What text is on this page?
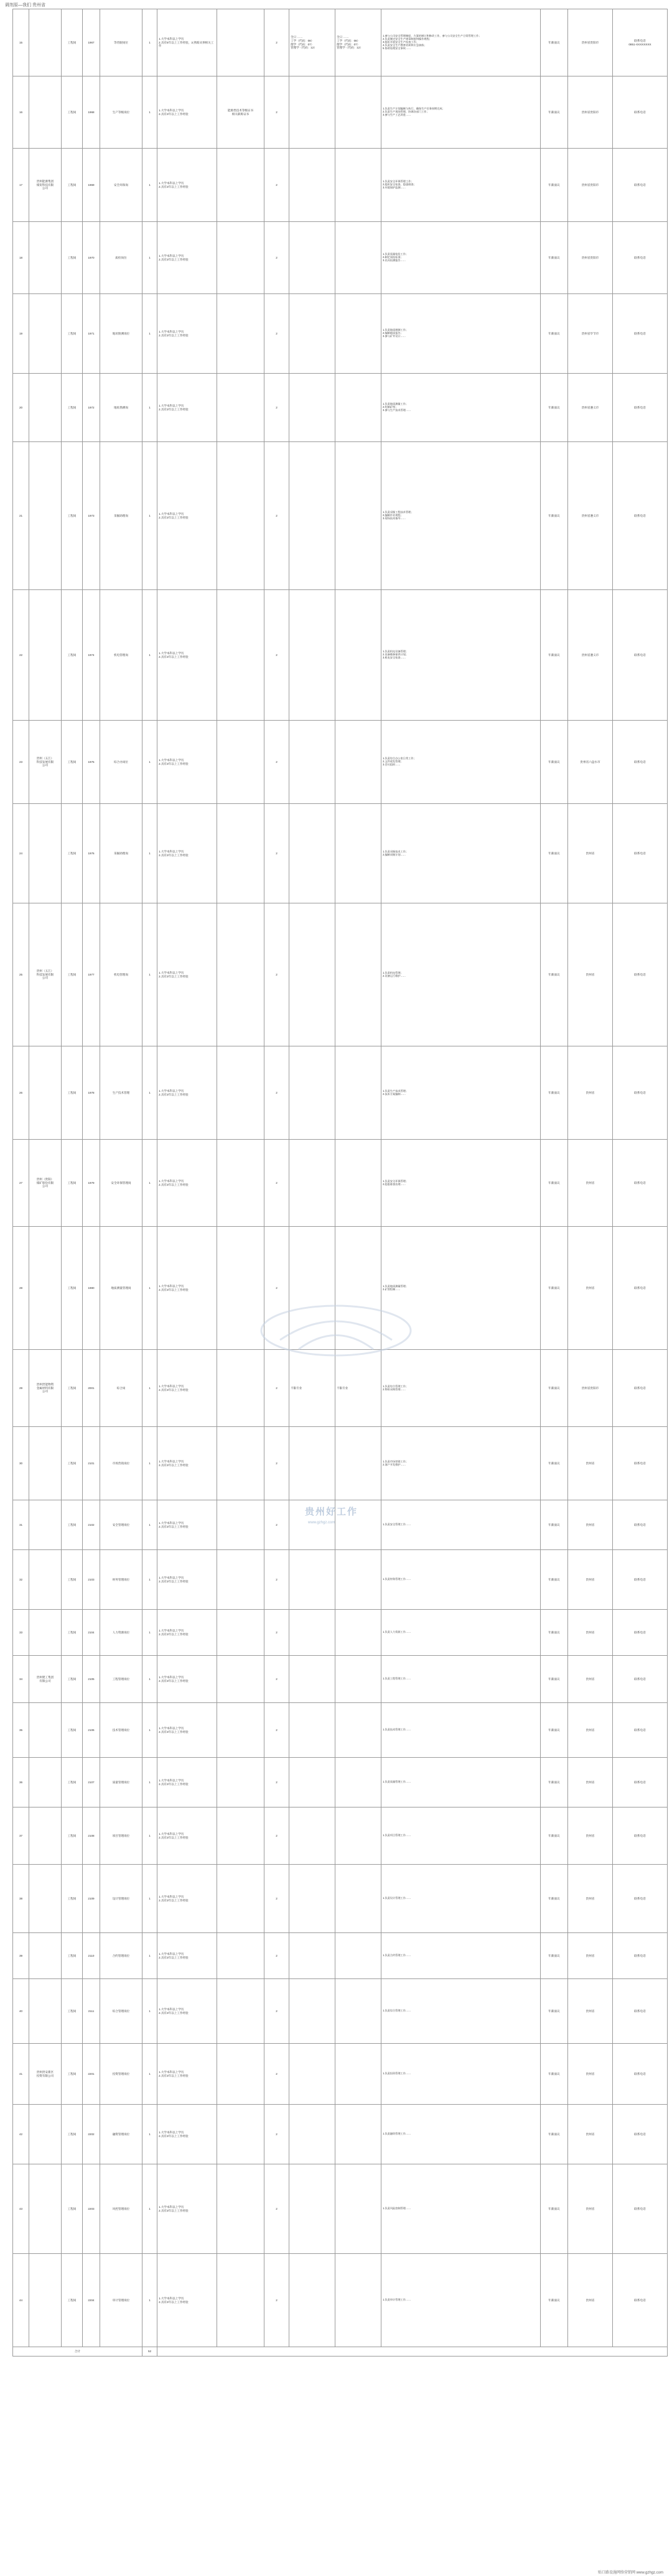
调剂原—我们 贵州省
15		工程岗	1967	等待跟岗位	1	1.大学本科以上学历
2.具有5年以上工作经验，3.熟练从事相关工作		2	全日 ……
工学（代码：08）
理学（代码：07）
管理学（代码：12）	全日 ……
工学（代码：08）
理学（代码：07）
管理学（代码：12）	1.参与公司安全管理制度、方案的制订和修改工作，参与公司安全生产日常管理工作；
2.负责制定安全生产规章制度和操作规程；
3.组织开展安全生产检查工作；
4.负责安全生产教育培训和应急演练；
5.协助处理安全事故……	年薪面议	贵州省贵阳市	联系电话
0851-XXXXXXXX
16		工程岗	1968	生产等级岗位	1	1.大学本科以上学历
2.具有3年以上工作经验	能源类技术等级证书
相关职称证书	2			1.负责生产计划编制与执行，确保生产任务按期完成；
2.负责生产现场管理，协调各部门工作；
3.参与生产工艺改进……	年薪面议	贵州省贵阳市	联系电话
17	贵州能源集团
煤炭科技有限
公司	工程岗	1969	安全环保岗	1	1.大学本科以上学历
2.具有3年以上工作经验		2			1.负责安全环保管理工作；
2.组织安全检查、隐患排查；
3.环境保护监测……	年薪面议	贵州省贵阳市	联系电话
18		工程岗	1970	质检岗位	1	1.大学本科以上学历
2.具有3年以上工作经验		2			1.负责质量检验工作；
2.制定质检标准；
3.出具检测报告……	年薪面议	贵州省贵阳市	联系电话
19		工程岗	1971	地址勘测岗位	1	1.大学本科以上学历
2.具有3年以上工作经验		2			1.负责地质勘测工作；
2.编制地质报告；
3.参与矿井设计……	年薪面议	贵州省毕节市	联系电话
20		工程岗	1972	地址勘测岗	1	1.大学本科以上学历
2.具有3年以上工作经验		2			1.负责地质测量工作；
2.绘制矿图；
3.参与生产技术管理……	年薪面议	贵州省遵义市	联系电话
21		工程岗	1973	采掘助理岗	1	1.大学本科以上学历
2.具有3年以上工作经验		2			1.负责采掘工程技术管理；
2.编制作业规程；
3.现场技术指导……	年薪面议	贵州省遵义市	联系电话
22		工程岗	1974	机电管理岗	1	1.大学本科以上学历
2.具有3年以上工作经验		2			1.负责机电设备管理；
2.设备维修保养计划；
3.机电安全检查……	年薪面议	贵州省遵义市	联系电话
23	贵州（五江）
科技发展有限
公司	工程岗	1975	综合办岗位	1	1.大学本科以上学历
2.具有3年以上工作经验		2			1.负责综合办公室日常工作；
2.文件收发管理；
3.会议组织……	年薪面议	贵州省六盘水市	联系电话
24		工程岗	1976	采掘助理岗	1	1.大学本科以上学历
2.具有3年以上工作经验		2			1.负责采掘技术工作；
2.编制采掘计划……	年薪面议	贵州省	联系电话
25	贵州（五江）
科技发展有限
公司	工程岗	1977	机电管理岗	1	1.大学本科以上学历
2.具有3年以上工作经验		2			1.负责机电管理；
2.设备运行维护……	年薪面议	贵州省	联系电话
26		工程岗	1978	生产技术管理	1	1.大学本科以上学历
2.具有3年以上工作经验		2			1.负责生产技术管理；
2.技术方案编制……	年薪面议	贵州省	联系电话
27	贵州（贵阳）
煤矿股份有限
公司	工程岗	1979	安全环保管理岗	1	1.大学本科以上学历
2.具有3年以上工作经验		2			1.负责安全环保管理；
2.隐患排查治理……	年薪面议	贵州省	联系电话
28		工程岗	1980	地质测量管理岗	1	1.大学本科以上学历
2.具有3年以上工作经验		2			1.负责地质测量管理；
2.矿图绘制……	年薪面议	贵州省	联系电话
29	贵州贵能物资
金属材料有限
公司	工程岗	2001	综合岗	1	1.大学本科以上学历
2.具有3年以上工作经验		2	不限专业	不限专业	1.负责综合管理工作；
2.物资采购管理……	年薪面议	贵州省贵阳市	联系电话
30		工程岗	2101	市场营销岗位	1	1.大学本科以上学历
2.具有3年以上工作经验		2			1.负责市场营销工作；
2.客户开发维护……	年薪面议	贵州省	联系电话
31		工程岗	2102	安全管理岗位	1	1.大学本科以上学历
2.具有3年以上工作经验		2			1.负责安全管理工作……	年薪面议	贵州省	联系电话
32		工程岗	2103	财务管理岗位	1	1.大学本科以上学历
2.具有3年以上工作经验		2			1.负责财务管理工作……	年薪面议	贵州省	联系电话
33		工程岗	2104	人力资源岗位	1	1.大学本科以上学历
2.具有3年以上工作经验		2			1.负责人力资源工作……	年薪面议	贵州省	联系电话
34	贵州建工集团
有限公司	工程岗	2105	工程管理岗位	1	1.大学本科以上学历
2.具有3年以上工作经验		2			1.负责工程管理工作……	年薪面议	贵州省	联系电话
35		工程岗	2106	技术管理岗位	1	1.大学本科以上学历
2.具有3年以上工作经验		2			1.负责技术管理工作……	年薪面议	贵州省	联系电话
36		工程岗	2107	质量管理岗位	1	1.大学本科以上学历
2.具有3年以上工作经验		2			1.负责质量管理工作……	年薪面议	贵州省	联系电话
37		工程岗	2108	项目管理岗位	1	1.大学本科以上学历
2.具有3年以上工作经验		2			1.负责项目管理工作……	年薪面议	贵州省	联系电话
38		工程岗	2109	设计管理岗位	1	1.大学本科以上学历
2.具有3年以上工作经验		2			1.负责设计管理工作……	年薪面议	贵州省	联系电话
39		工程岗	2110	合约管理岗位	1	1.大学本科以上学历
2.具有3年以上工作经验		2			1.负责合约管理工作……	年薪面议	贵州省	联系电话
40		工程岗	2111	综合管理岗位	1	1.大学本科以上学历
2.具有3年以上工作经验		2			1.负责综合管理工作……	年薪面议	贵州省	联系电话
41	贵州贵安新区
投资有限公司	工程岗	2201	投资管理岗位	1	1.大学本科以上学历
2.具有3年以上工作经验		2			1.负责投资管理工作……	年薪面议	贵州省	联系电话
42		工程岗	2202	融资管理岗位	1	1.大学本科以上学历
2.具有3年以上工作经验		2			1.负责融资管理工作……	年薪面议	贵州省	联系电话
43		工程岗	2203	风控管理岗位	1	1.大学本科以上学历
2.具有3年以上工作经验		2			1.负责风险控制管理……	年薪面议	贵州省	联系电话
44		工程岗	2204	审计管理岗位	1	1.大学本科以上学历
2.具有3年以上工作经验		2			1.负责审计管理工作……	年薪面议	贵州省	联系电话
合计					52									
贵州好工作
www.gzhgz.com
贴口路设施网络营销网 www.gzhgz.com
